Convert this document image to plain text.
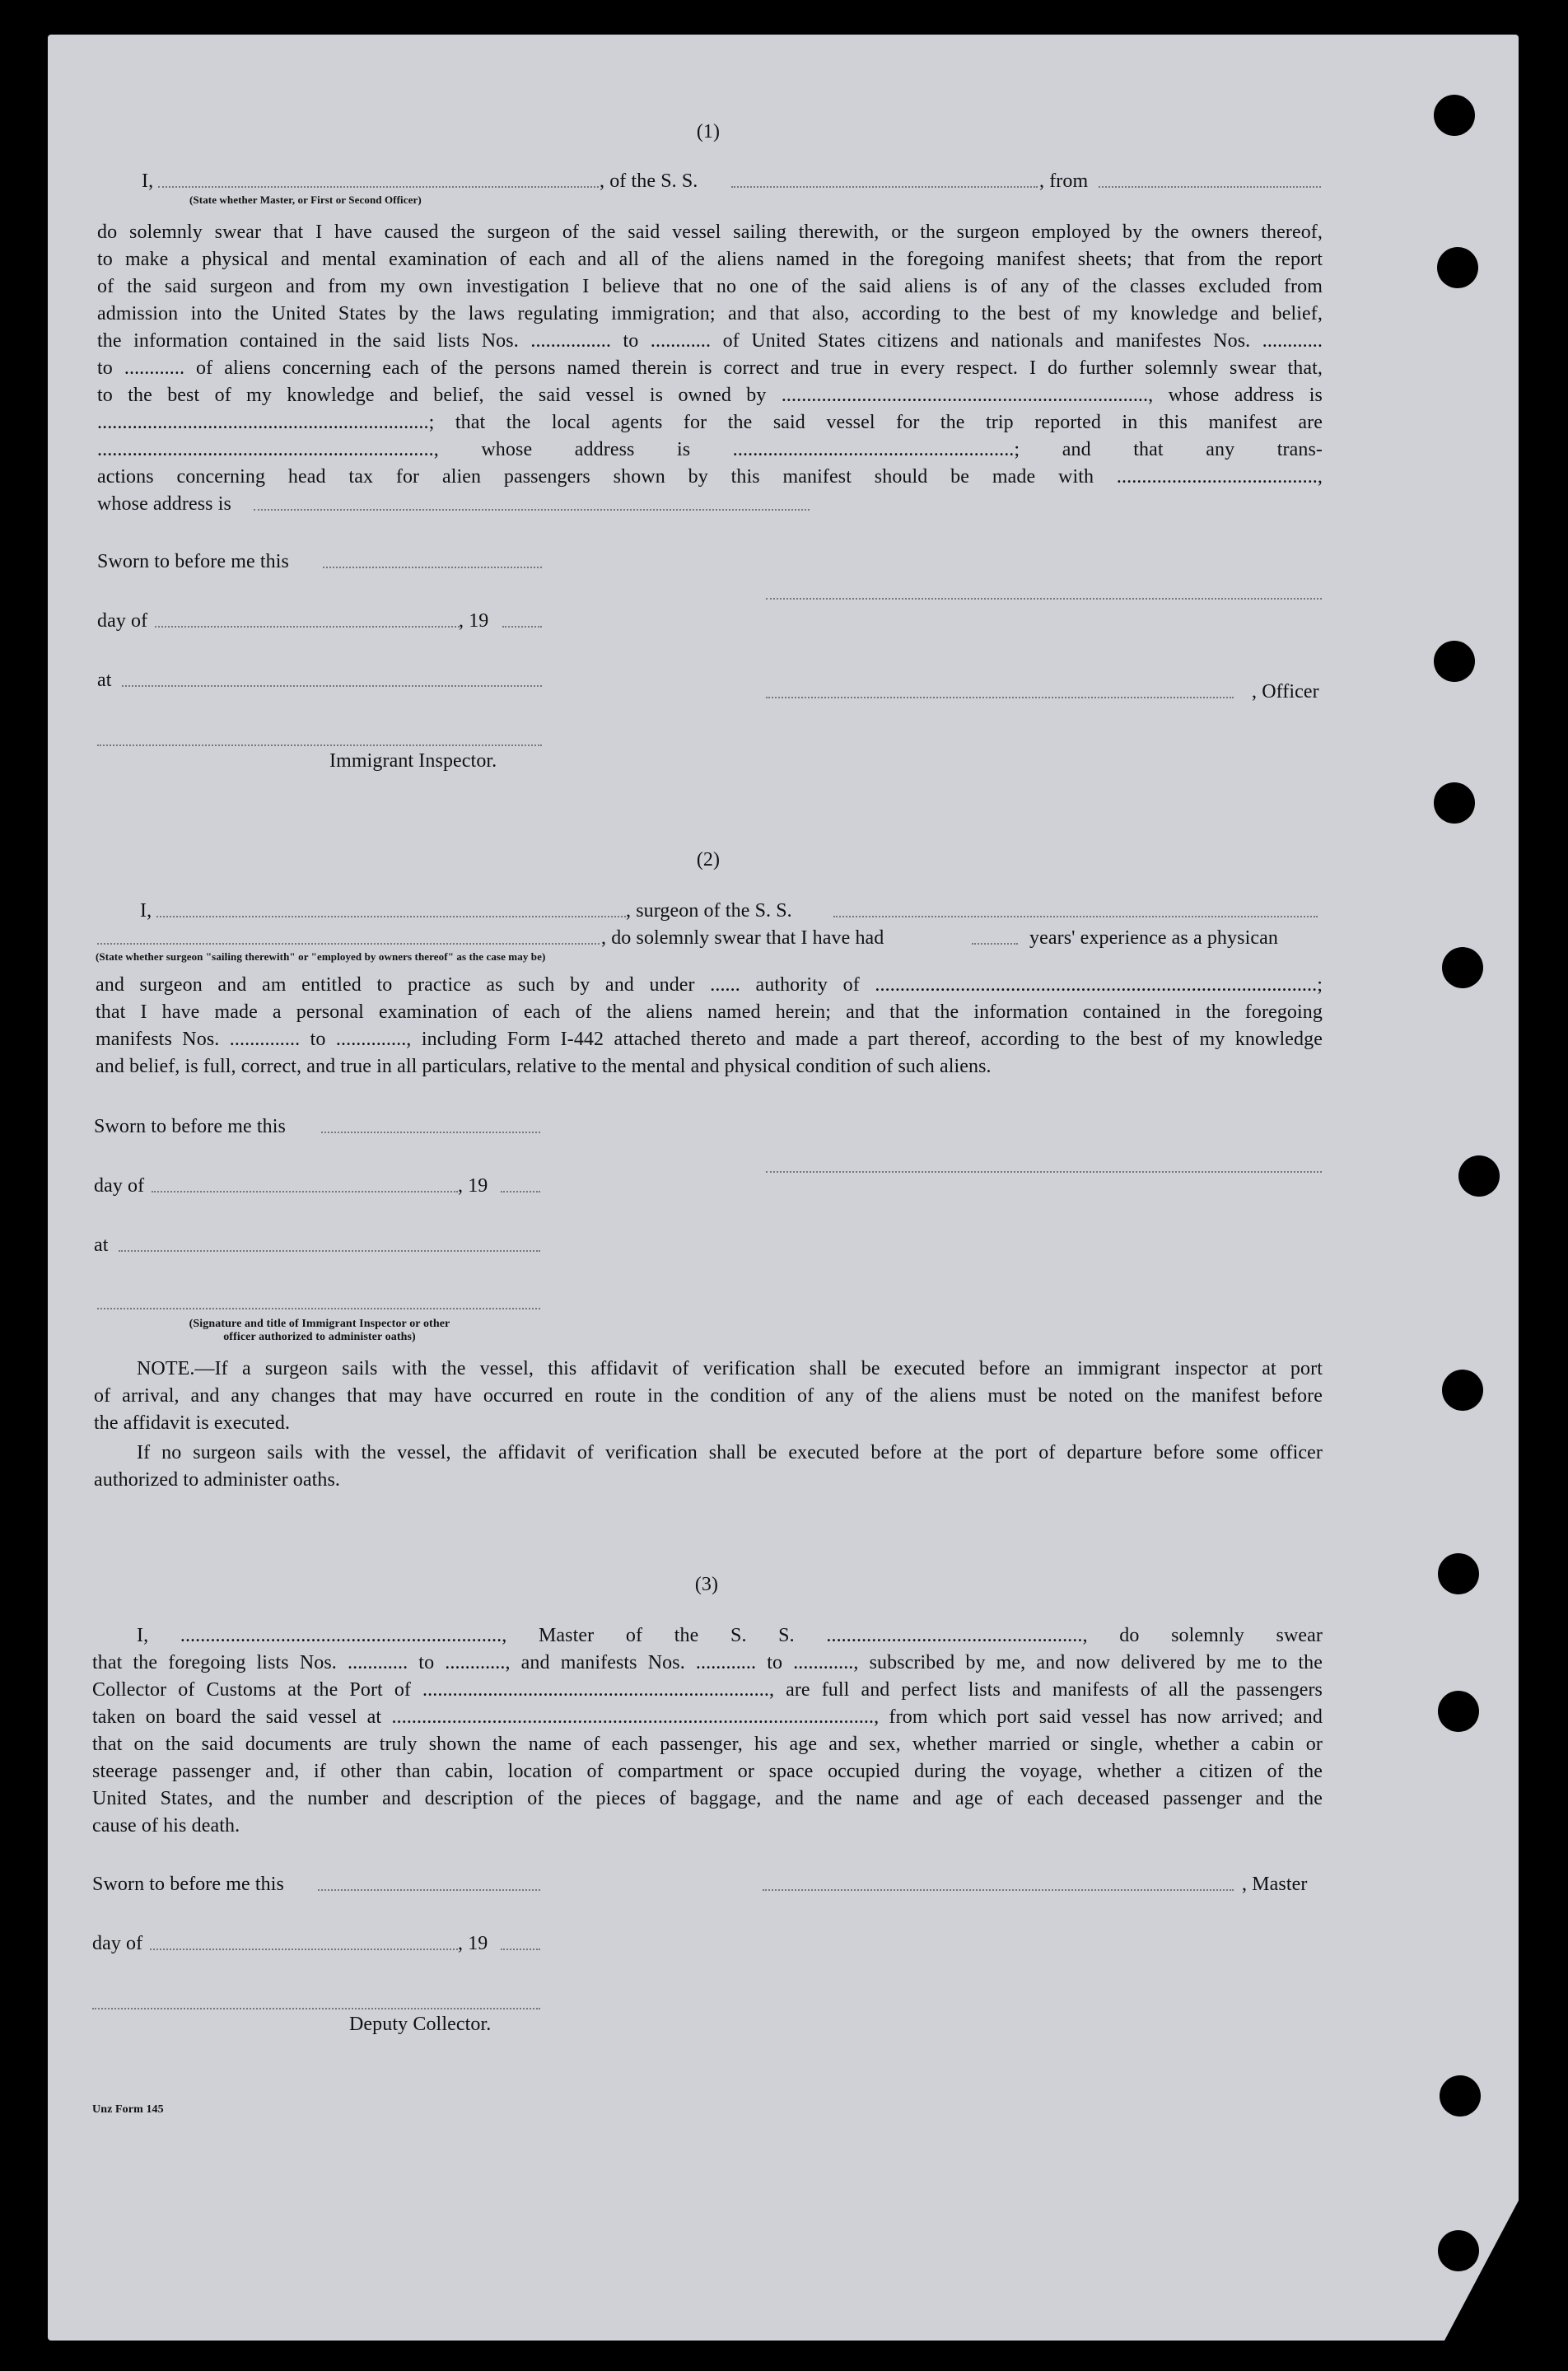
(1)
I,	, of the S. S.	, from
(State whether Master, or First or Second Officer)
do solemnly swear that I have caused the surgeon of the said vessel sailing therewith, or the surgeon employed by the owners thereof,
to make a physical and mental examination of each and all of the aliens named in the foregoing manifest sheets; that from the report
of the said surgeon and from my own investigation I believe that no one of the said aliens is of any of the classes excluded from
admission into the United States by the laws regulating immigration; and that also, according to the best of my knowledge and belief,
the information contained in the said lists Nos. ................ to ............ of United States citizens and nationals and manifestes Nos. ............
to ............ of aliens concerning each of the persons named therein is correct and true in every respect. I do further solemnly swear that,
to the best of my knowledge and belief, the said vessel is owned by ........................................................................., whose address is
..................................................................; that the local agents for the said vessel for the trip reported in this manifest are
..................................................................., whose address is ........................................................; and that any trans-
actions concerning head tax for alien passengers shown by this manifest should be made with ........................................,
whose address is
Sworn to before me this
day of	, 19
at
, Officer
Immigrant Inspector.
(2)
I,	, surgeon of the S. S.
, do solemnly swear that I have had	years' experience as a physican
(State whether surgeon "sailing therewith" or "employed by owners thereof" as the case may be)
and surgeon and am entitled to practice as such by and under ...... authority of ........................................................................................;
that I have made a personal examination of each of the aliens named herein; and that the information contained in the foregoing
manifests Nos. .............. to .............., including Form I-442 attached thereto and made a part thereof, according to the best of my knowledge
and belief, is full, correct, and true in all particulars, relative to the mental and physical condition of such aliens.
Sworn to before me this
day of	, 19
at
(Signature and title of Immigrant Inspector or other
officer authorized to administer oaths)
NOTE.—If a surgeon sails with the vessel, this affidavit of verification shall be executed before an immigrant inspector at port
of arrival, and any changes that may have occurred en route in the condition of any of the aliens must be noted on the manifest before
the affidavit is executed.
If no surgeon sails with the vessel, the affidavit of verification shall be executed before at the port of departure before some officer
authorized to administer oaths.
(3)
I, ................................................................, Master of the S. S. ..................................................., do solemnly swear
that the foregoing lists Nos. ............ to ............, and manifests Nos. ............ to ............, subscribed by me, and now delivered by me to the
Collector of Customs at the Port of ....................................................................., are full and perfect lists and manifests of all the passengers
taken on board the said vessel at ................................................................................................, from which port said vessel has now arrived; and
that on the said documents are truly shown the name of each passenger, his age and sex, whether married or single, whether a cabin or
steerage passenger and, if other than cabin, location of compartment or space occupied during the voyage, whether a citizen of the
United States, and the number and description of the pieces of baggage, and the name and age of each deceased passenger and the
cause of his death.
Sworn to before me this	, Master
day of	, 19
Deputy Collector.
Unz Form 145
